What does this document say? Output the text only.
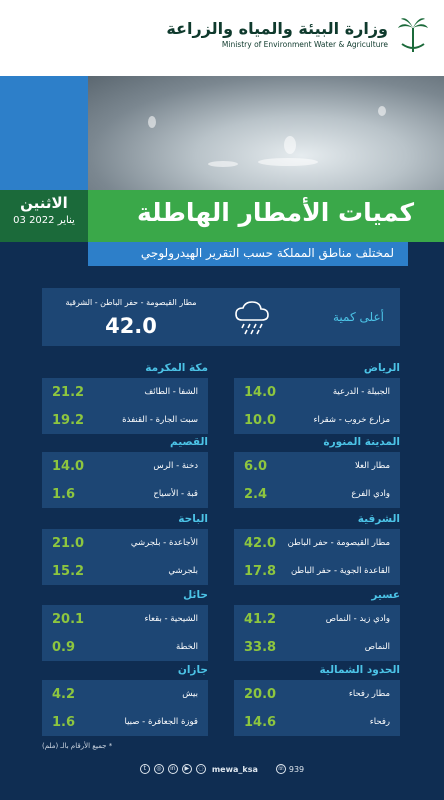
وزارة البيئة والمياه والزراعة
Ministry of Environment Water & Agriculture
الاثنين
03 يناير 2022	كميات الأمطار الهاطلة
لمختلف مناطق المملكة حسب التقرير الهيدرولوجي
أعلى كمية
مطار القيصومة - حفر الباطن - الشرقية
42.0
الرياض
14.0	الجبيلة - الدرعية
10.0	مزارع خروب - شقراء
مكة المكرمة
21.2	الشفا - الطائف
19.2	سبت الجارة - القنفذة
المدينة المنورة
6.0	مطار العلا
2.4	وادي الفرع
القصيم
14.0	دخنة - الرس
1.6	قبة - الأسياح
الشرقية
42.0 مطار القيصومة - حفر الباطن
17.8 القاعدة الجوية - حفر الباطن
الباحة
21.0	الأجاعدة - بلجرشي
15.2	بلجرشي
عسير
41.2	وادي زيد - النماص
33.8	النماص
حائل
20.1	الشيحية - بقعاء
0.9	الخطة
الحدود الشمالية
20.0	مطار رفحاء
14.6	رفحاء
جازان
4.2	بيش
1.6	قوزة الجعافرة - صبيا
* جميع الأرقام بالـ (ملم)
t	◎	in	▶	◌ mewa_ksa	☏ 939
